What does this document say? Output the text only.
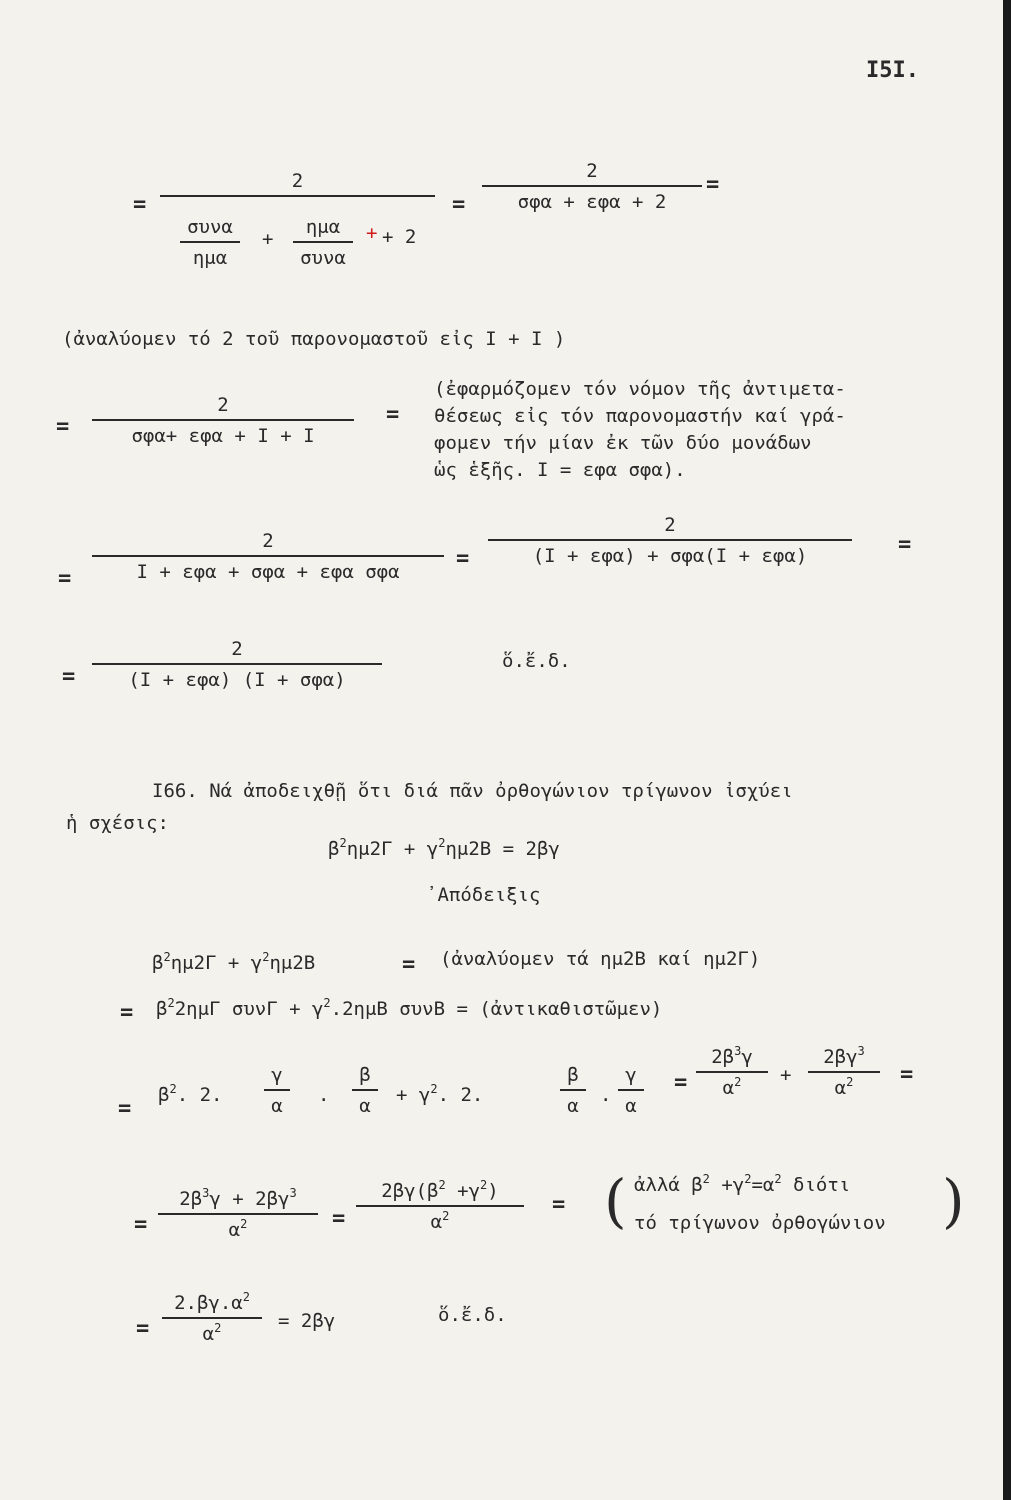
I5I.
=
2
συνα
ημα
+
ημα
συνα
+ + 2
=
2
σφα + εφα + 2
=
(ἀναλύομεν τό 2 τοῦ παρονομαστοῦ εἰς I + I )
=
2
σφα+ εφα + I + I
=
(ἐφαρμόζομεν τόν νόμον τῆς ἀντιμετα-
θέσεως εἰς τόν παρονομαστήν καί γρά-
φομεν τήν μίαν ἐκ τῶν δύο μονάδων
ὡς ἑξῆς. I = εφα σφα).
=
2
I + εφα + σφα + εφα σφα
=
2
(I + εφα) + σφα(I + εφα)	=
=
2
(I + εφα) (I + σφα)
ὅ.ἔ.δ.
I66. Νά ἀποδειχθῇ ὅτι διά πᾶν ὀρθογώνιον τρίγωνον ἰσχύει
ἡ σχέσις:
$\beta^2\eta\mu 2\Gamma + \gamma^2\eta\mu 2B = 2\beta\gamma$
᾽Απόδειξις
$\beta^2\eta\mu 2\Gamma + \gamma^2\eta\mu 2B$	= (ἀναλύομεν τά ημ2Β καί ημ2Γ)
= $\beta^22\eta\mu\Gamma$ $\sigma\upsilon\nu\Gamma + \gamma^2.2\eta\mu B$ συνΒ = (ἀντικαθιστῶμεν)
=
$\beta^2$. 2.
γ
α	.
β
α	+ $\gamma^2$. 2.
β
α	.
γ
α
=
$2\beta^3\gamma$
$\alpha^2$	+
$2\beta\gamma^3$
$\alpha^2$	=
=
$2\beta^3\gamma + 2\beta\gamma^3$
$\alpha^2$	=
$2\beta\gamma(\beta^2 +\gamma^2)$
$\alpha^2$	= ( ἀλλά $\beta^2 +\gamma^2=\alpha^2$ διότι
τό τρίγωνον ὀρθογώνιον )
=
$2.\beta\gamma.\alpha^2$
$\alpha^2$	= 2βγ	ὅ.ἔ.δ.
